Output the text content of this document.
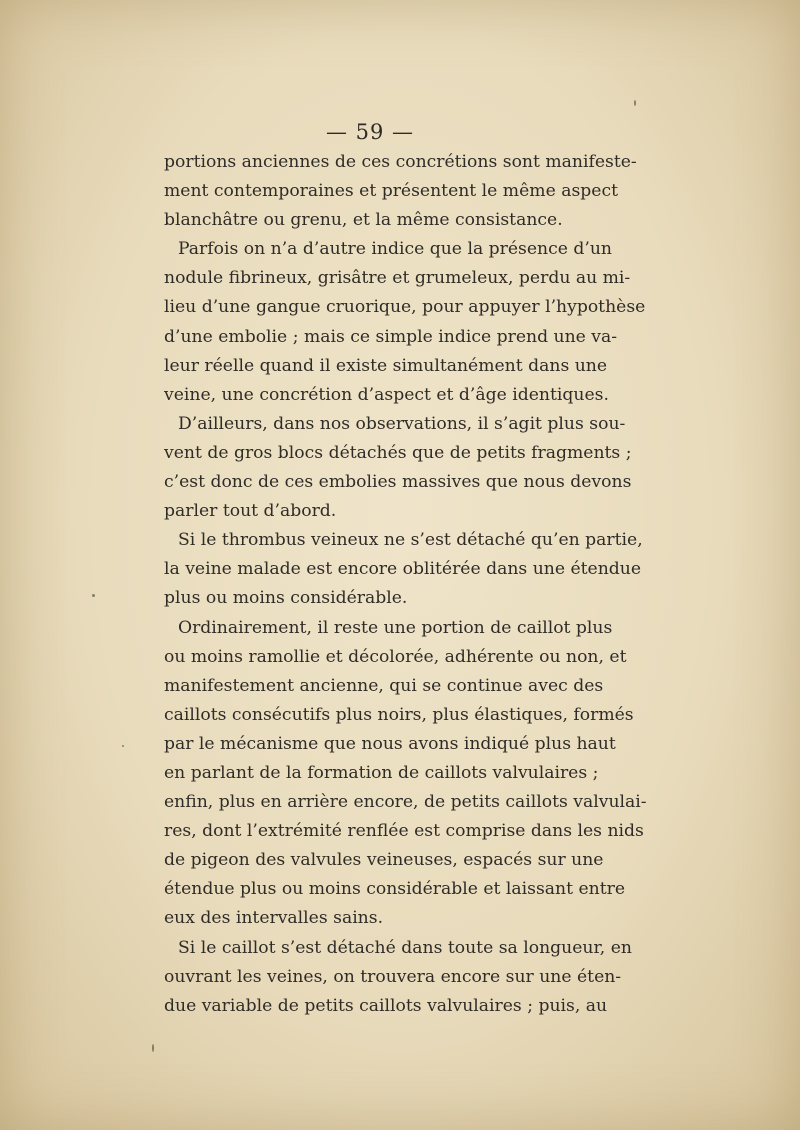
— 59 —
portions anciennes de ces concrétions sont manifeste-
ment contemporaines et présentent le même aspect
blanchâtre ou grenu, et la même consistance.
Parfois on n’a d’autre indice que la présence d’un
nodule fibrineux, grisâtre et grumeleux, perdu au mi-
lieu d’une gangue cruorique, pour appuyer l’hypothèse
d’une embolie ; mais ce simple indice prend une va-
leur réelle quand il existe simultanément dans une
veine, une concrétion d’aspect et d’âge identiques.
D’ailleurs, dans nos observations, il s’agit plus sou-
vent de gros blocs détachés que de petits fragments ;
c’est donc de ces embolies massives que nous devons
parler tout d’abord.
Si le thrombus veineux ne s’est détaché qu’en partie,
la veine malade est encore oblitérée dans une étendue
plus ou moins considérable.
Ordinairement, il reste une portion de caillot plus
ou moins ramollie et décolorée, adhérente ou non, et
manifestement ancienne, qui se continue avec des
caillots consécutifs plus noirs, plus élastiques, formés
par le mécanisme que nous avons indiqué plus haut
en parlant de la formation de caillots valvulaires ;
enfin, plus en arrière encore, de petits caillots valvulai-
res, dont l’extrémité renflée est comprise dans les nids
de pigeon des valvules veineuses, espacés sur une
étendue plus ou moins considérable et laissant entre
eux des intervalles sains.
Si le caillot s’est détaché dans toute sa longueur, en
ouvrant les veines, on trouvera encore sur une éten-
due variable de petits caillots valvulaires ; puis, au
